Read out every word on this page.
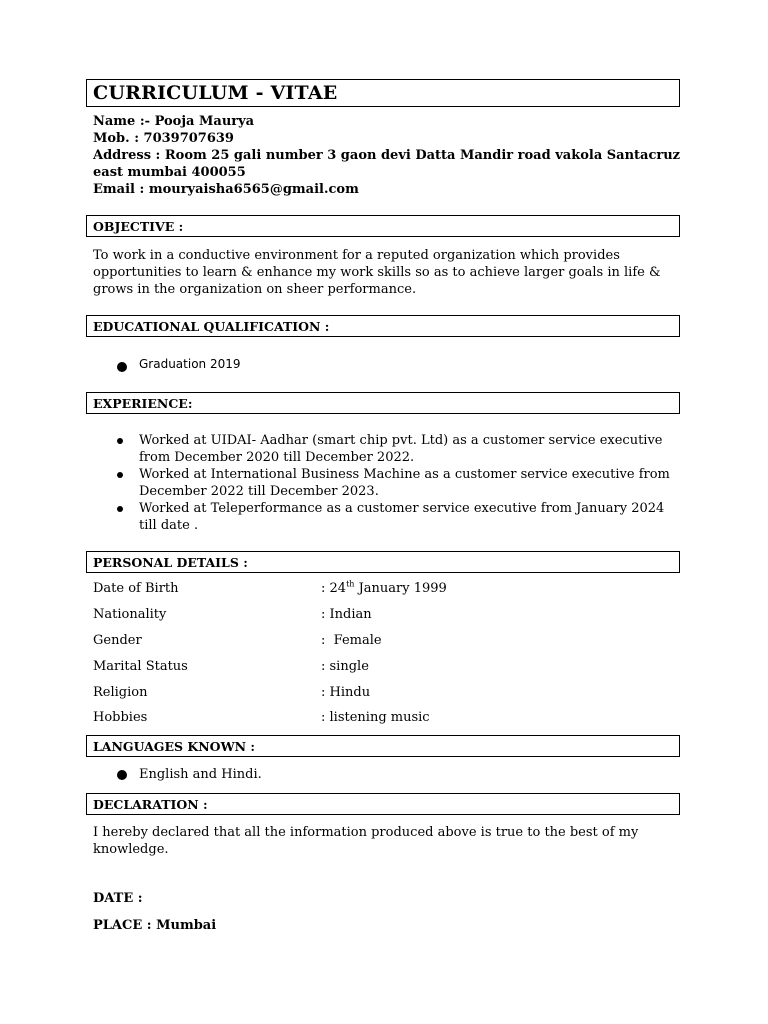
CURRICULUM - VITAE
Name :- Pooja Maurya
Mob. : 7039707639
Address : Room 25 gali number 3 gaon devi Datta Mandir road vakola Santacruz
east mumbai 400055
Email : mouryaisha6565@gmail.com
OBJECTIVE :
To work in a conductive environment for a reputed organization which provides
opportunities to learn & enhance my work skills so as to achieve larger goals in life &
grows in the organization on sheer performance.
EDUCATIONAL QUALIFICATION :
Graduation 2019
EXPERIENCE:
Worked at UIDAI- Aadhar (smart chip pvt. Ltd) as a customer service executive
from December 2020 till December 2022.
Worked at International Business Machine as a customer service executive from
December 2022 till December 2023.
Worked at Teleperformance as a customer service executive from January 2024
till date .
PERSONAL DETAILS :
Date of Birth	: 24th January 1999
Nationality	: Indian
Gender	:  Female
Marital Status	: single
Religion	: Hindu
Hobbies	: listening music
LANGUAGES KNOWN :
English and Hindi.
DECLARATION :
I hereby declared that all the information produced above is true to the best of my
knowledge.
DATE :
PLACE : Mumbai
